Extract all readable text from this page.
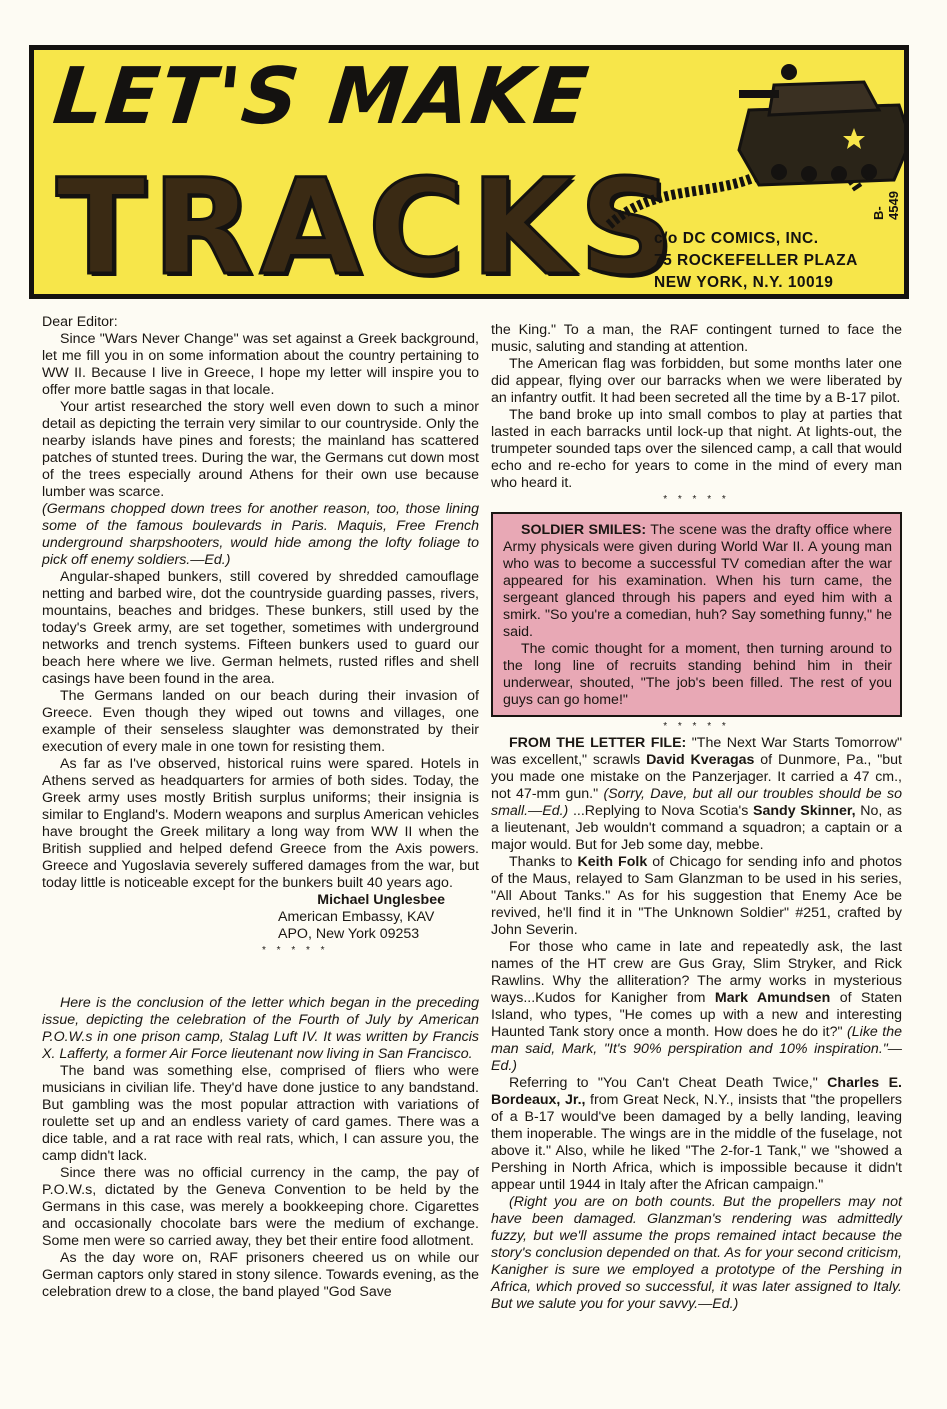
LET'S MAKE
TRACKS	B-4549
c/o DC COMICS, INC.
75 ROCKEFELLER PLAZA
NEW YORK, N.Y. 10019

Dear Editor:

Since "Wars Never Change" was set against a Greek background, let me fill you in on some information about the country pertaining to WW II. Because I live in Greece, I hope my letter will inspire you to offer more battle sagas in that locale.

Your artist researched the story well even down to such a minor detail as depicting the terrain very similar to our countryside. Only the nearby islands have pines and forests; the mainland has scattered patches of stunted trees. During the war, the Germans cut down most of the trees especially around Athens for their own use because lumber was scarce.

(Germans chopped down trees for another reason, too, those lining some of the famous boulevards in Paris. Maquis, Free French underground sharpshooters, would hide among the lofty foliage to pick off enemy soldiers.—Ed.)

Angular-shaped bunkers, still covered by shredded camouflage netting and barbed wire, dot the countryside guarding passes, rivers, mountains, beaches and bridges. These bunkers, still used by the today's Greek army, are set together, sometimes with underground networks and trench systems. Fifteen bunkers used to guard our beach here where we live. German helmets, rusted rifles and shell casings have been found in the area.

The Germans landed on our beach during their invasion of Greece. Even though they wiped out towns and villages, one example of their senseless slaughter was demonstrated by their execution of every male in one town for resisting them.

As far as I've observed, historical ruins were spared. Hotels in Athens served as headquarters for armies of both sides. Today, the Greek army uses mostly British surplus uniforms; their insignia is similar to England's. Modern weapons and surplus American vehicles have brought the Greek military a long way from WW II when the British supplied and helped defend Greece from the Axis powers. Greece and Yugoslavia severely suffered damages from the war, but today little is noticeable except for the bunkers built 40 years ago.

Michael Unglesbee
American Embassy, KAV
APO, New York 09253
* * * * *

Here is the conclusion of the letter which began in the preceding issue, depicting the celebration of the Fourth of July by American P.O.W.s in one prison camp, Stalag Luft IV. It was written by Francis X. Lafferty, a former Air Force lieutenant now living in San Francisco.

The band was something else, comprised of fliers who were musicians in civilian life. They'd have done justice to any bandstand. But gambling was the most popular attraction with variations of roulette set up and an endless variety of card games. There was a dice table, and a rat race with real rats, which, I can assure you, the camp didn't lack.

Since there was no official currency in the camp, the pay of P.O.W.s, dictated by the Geneva Convention to be held by the Germans in this case, was merely a bookkeeping chore. Cigarettes and occasionally chocolate bars were the medium of exchange. Some men were so carried away, they bet their entire food allotment.

As the day wore on, RAF prisoners cheered us on while our German captors only stared in stony silence. Towards evening, as the celebration drew to a close, the band played "God Save

the King." To a man, the RAF contingent turned to face the music, saluting and standing at attention.

The American flag was forbidden, but some months later one did appear, flying over our barracks when we were liberated by an infantry outfit. It had been secreted all the time by a B-17 pilot.

The band broke up into small combos to play at parties that lasted in each barracks until lock-up that night. At lights-out, the trumpeter sounded taps over the silenced camp, a call that would echo and re-echo for years to come in the mind of every man who heard it.

* * * * *

SOLDIER SMILES: The scene was the drafty office where Army physicals were given during World War II. A young man who was to become a successful TV comedian after the war appeared for his examination. When his turn came, the sergeant glanced through his papers and eyed him with a smirk. "So you're a comedian, huh? Say something funny," he said.

The comic thought for a moment, then turning around to the long line of recruits standing behind him in their underwear, shouted, "The job's been filled. The rest of you guys can go home!"

* * * * *

FROM THE LETTER FILE: "The Next War Starts Tomorrow" was excellent," scrawls David Kveragas of Dunmore, Pa., "but you made one mistake on the Panzerjager. It carried a 47 cm., not 47-mm gun." (Sorry, Dave, but all our troubles should be so small.—Ed.) ...Replying to Nova Scotia's Sandy Skinner, No, as a lieutenant, Jeb wouldn't command a squadron; a captain or a major would. But for Jeb some day, mebbe.

Thanks to Keith Folk of Chicago for sending info and photos of the Maus, relayed to Sam Glanzman to be used in his series, "All About Tanks." As for his suggestion that Enemy Ace be revived, he'll find it in "The Unknown Soldier" #251, crafted by John Severin.

For those who came in late and repeatedly ask, the last names of the HT crew are Gus Gray, Slim Stryker, and Rick Rawlins. Why the alliteration? The army works in mysterious ways...Kudos for Kanigher from Mark Amundsen of Staten Island, who types, "He comes up with a new and interesting Haunted Tank story once a month. How does he do it?" (Like the man said, Mark, "It's 90% perspiration and 10% inspiration."—Ed.)

Referring to "You Can't Cheat Death Twice," Charles E. Bordeaux, Jr., from Great Neck, N.Y., insists that "the propellers of a B-17 would've been damaged by a belly landing, leaving them inoperable. The wings are in the middle of the fuselage, not above it." Also, while he liked "The 2-for-1 Tank," we "showed a Pershing in North Africa, which is impossible because it didn't appear until 1944 in Italy after the African campaign."

(Right you are on both counts. But the propellers may not have been damaged. Glanzman's rendering was admittedly fuzzy, but we'll assume the props remained intact because the story's conclusion depended on that. As for your second criticism, Kanigher is sure we employed a prototype of the Pershing in Africa, which proved so successful, it was later assigned to Italy. But we salute you for your savvy.—Ed.)
